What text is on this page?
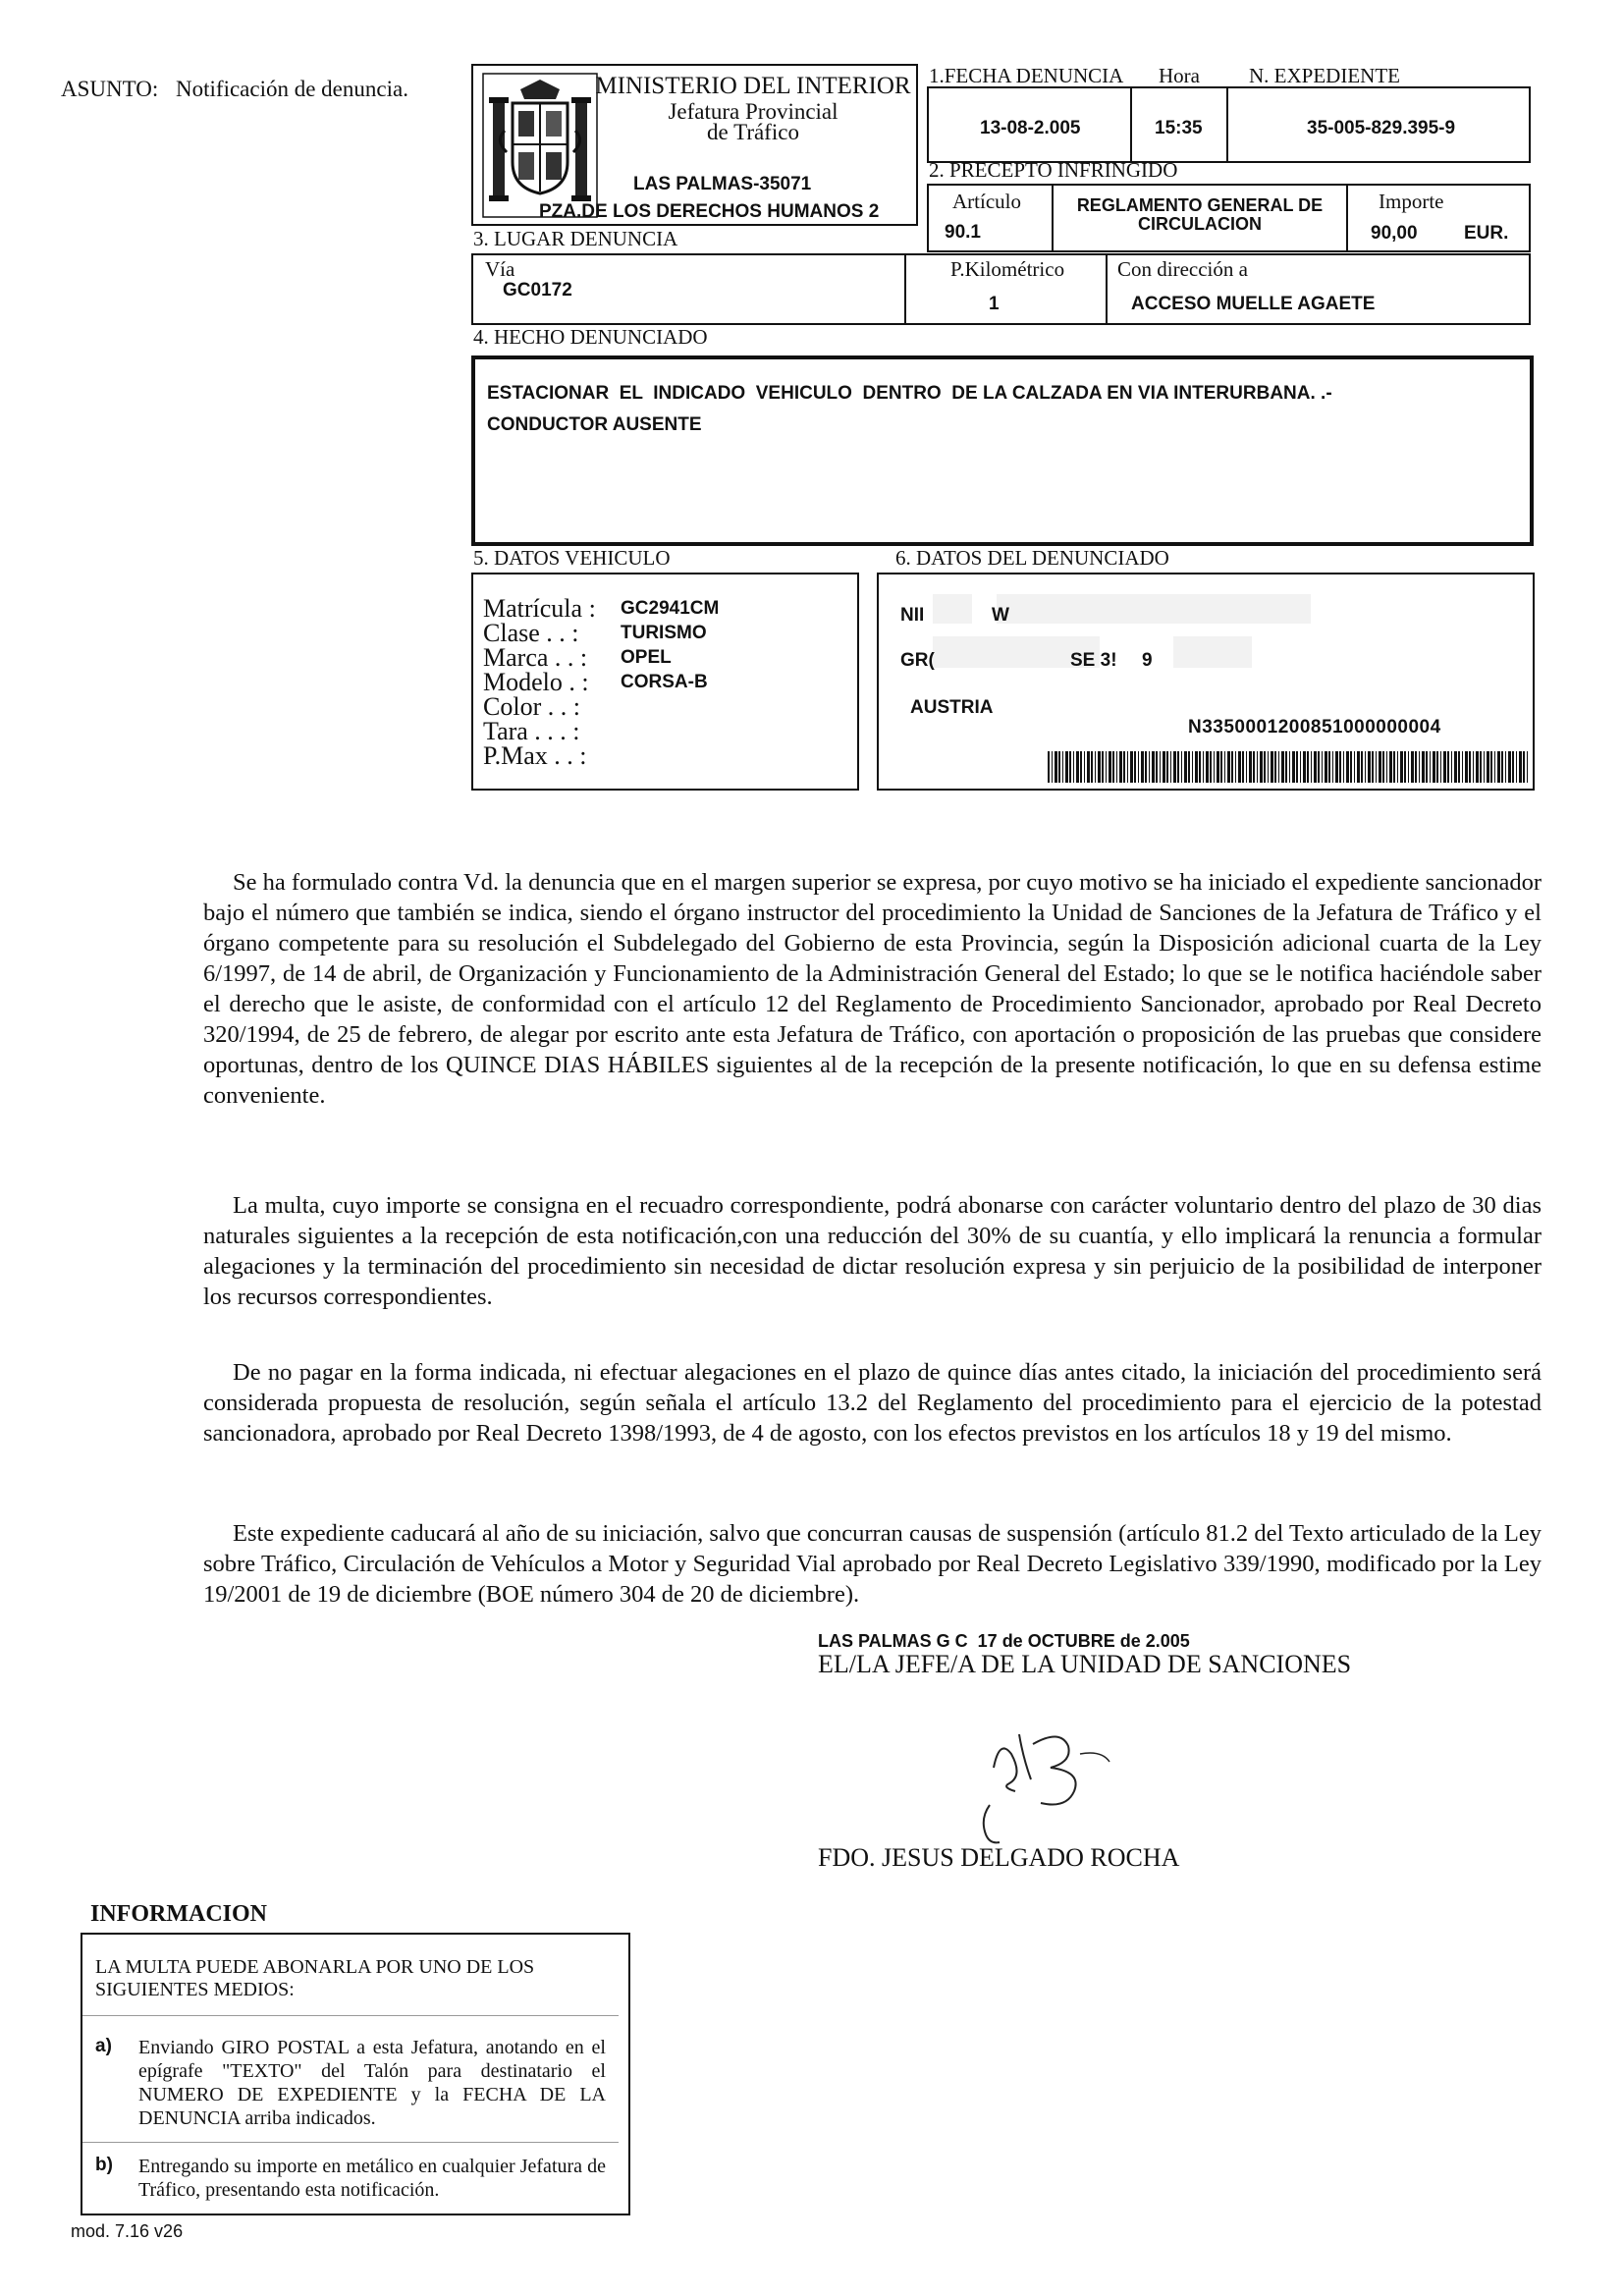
ASUNTO: Notificación de denuncia.	MINISTERIO DEL INTERIOR
Jefatura Provincial
de Tráfico
LAS PALMAS-35071
PZA.DE LOS DERECHOS HUMANOS 2
1.FECHA DENUNCIA Hora N. EXPEDIENTE
13-08-2.005	15:35	35-005-829.395-9
2. PRECEPTO INFRINGIDO
Artículo
90.1
REGLAMENTO GENERAL DE
CIRCULACION
Importe
90,00 EUR.
3. LUGAR DENUNCIA
Vía
GC0172
P.Kilométrico
1
Con dirección a
ACCESO MUELLE AGAETE
4. HECHO DENUNCIADO
ESTACIONAR  EL  INDICADO  VEHICULO  DENTRO  DE LA CALZADA EN VIA INTERURBANA. .-
CONDUCTOR AUSENTE
5. DATOS VEHICULO
Matrícula :	GC2941CM
Clase . . :	TURISMO
Marca . . :	OPEL
Modelo . :	CORSA-B
Color . . :
Tara . . . :
P.Max . . :
6. DATOS DEL DENUNCIADO
NII	W
GR(	SE 3! 9
AUSTRIA
N3350001200851000000004
Se ha formulado contra Vd. la denuncia que en el margen superior se expresa, por cuyo motivo se ha iniciado el expediente sancionador bajo el número que también se indica, siendo el órgano instructor del procedimiento la Unidad de Sanciones de la Jefatura de Tráfico y el órgano competente para su resolución el Subdelegado del Gobierno de esta Provincia, según la Disposición adicional cuarta de la Ley 6/1997, de 14 de abril, de Organización y Funcionamiento de la Administración General del Estado; lo que se le notifica haciéndole saber el derecho que le asiste, de conformidad con el artículo 12 del Reglamento de Procedimiento Sancionador, aprobado por Real Decreto 320/1994, de 25 de febrero, de alegar por escrito ante esta Jefatura de Tráfico, con aportación o proposición de las pruebas que considere oportunas, dentro de los QUINCE DIAS HÁBILES siguientes al de la recepción de la presente notificación, lo que en su defensa estime conveniente.
La multa, cuyo importe se consigna en el recuadro correspondiente, podrá abonarse con carácter voluntario dentro del plazo de 30 dias naturales siguientes a la recepción de esta notificación,con una reducción del 30% de su cuantía, y ello implicará la renuncia a formular alegaciones y la terminación del procedimiento sin necesidad de dictar resolución expresa y sin perjuicio de la posibilidad de interponer los recursos correspondientes.
De no pagar en la forma indicada, ni efectuar alegaciones en el plazo de quince días antes citado, la iniciación del procedimiento será considerada propuesta de resolución, según señala el artículo 13.2 del Reglamento del procedimiento para el ejercicio de la potestad sancionadora, aprobado por Real Decreto 1398/1993, de 4 de agosto, con los efectos previstos en los artículos 18 y 19 del mismo.
Este expediente caducará al año de su iniciación, salvo que concurran causas de suspensión (artículo 81.2 del Texto articulado de la Ley sobre Tráfico, Circulación de Vehículos a Motor y Seguridad Vial aprobado por Real Decreto Legislativo 339/1990, modificado por la Ley 19/2001 de 19 de diciembre (BOE número 304 de 20 de diciembre).
LAS PALMAS G C  17 de OCTUBRE de 2.005
EL/LA JEFE/A DE LA UNIDAD DE SANCIONES
FDO. JESUS DELGADO ROCHA
INFORMACION
LA MULTA PUEDE ABONARLA POR UNO DE LOS SIGUIENTES MEDIOS:
a)	Enviando GIRO POSTAL a esta Jefatura, anotando en el epígrafe "TEXTO" del Talón para destinatario el NUMERO DE EXPEDIENTE y la FECHA DE LA DENUNCIA arriba indicados.
b)	Entregando su importe en metálico en cualquier Jefatura de Tráfico, presentando esta notificación.
mod. 7.16 v26
